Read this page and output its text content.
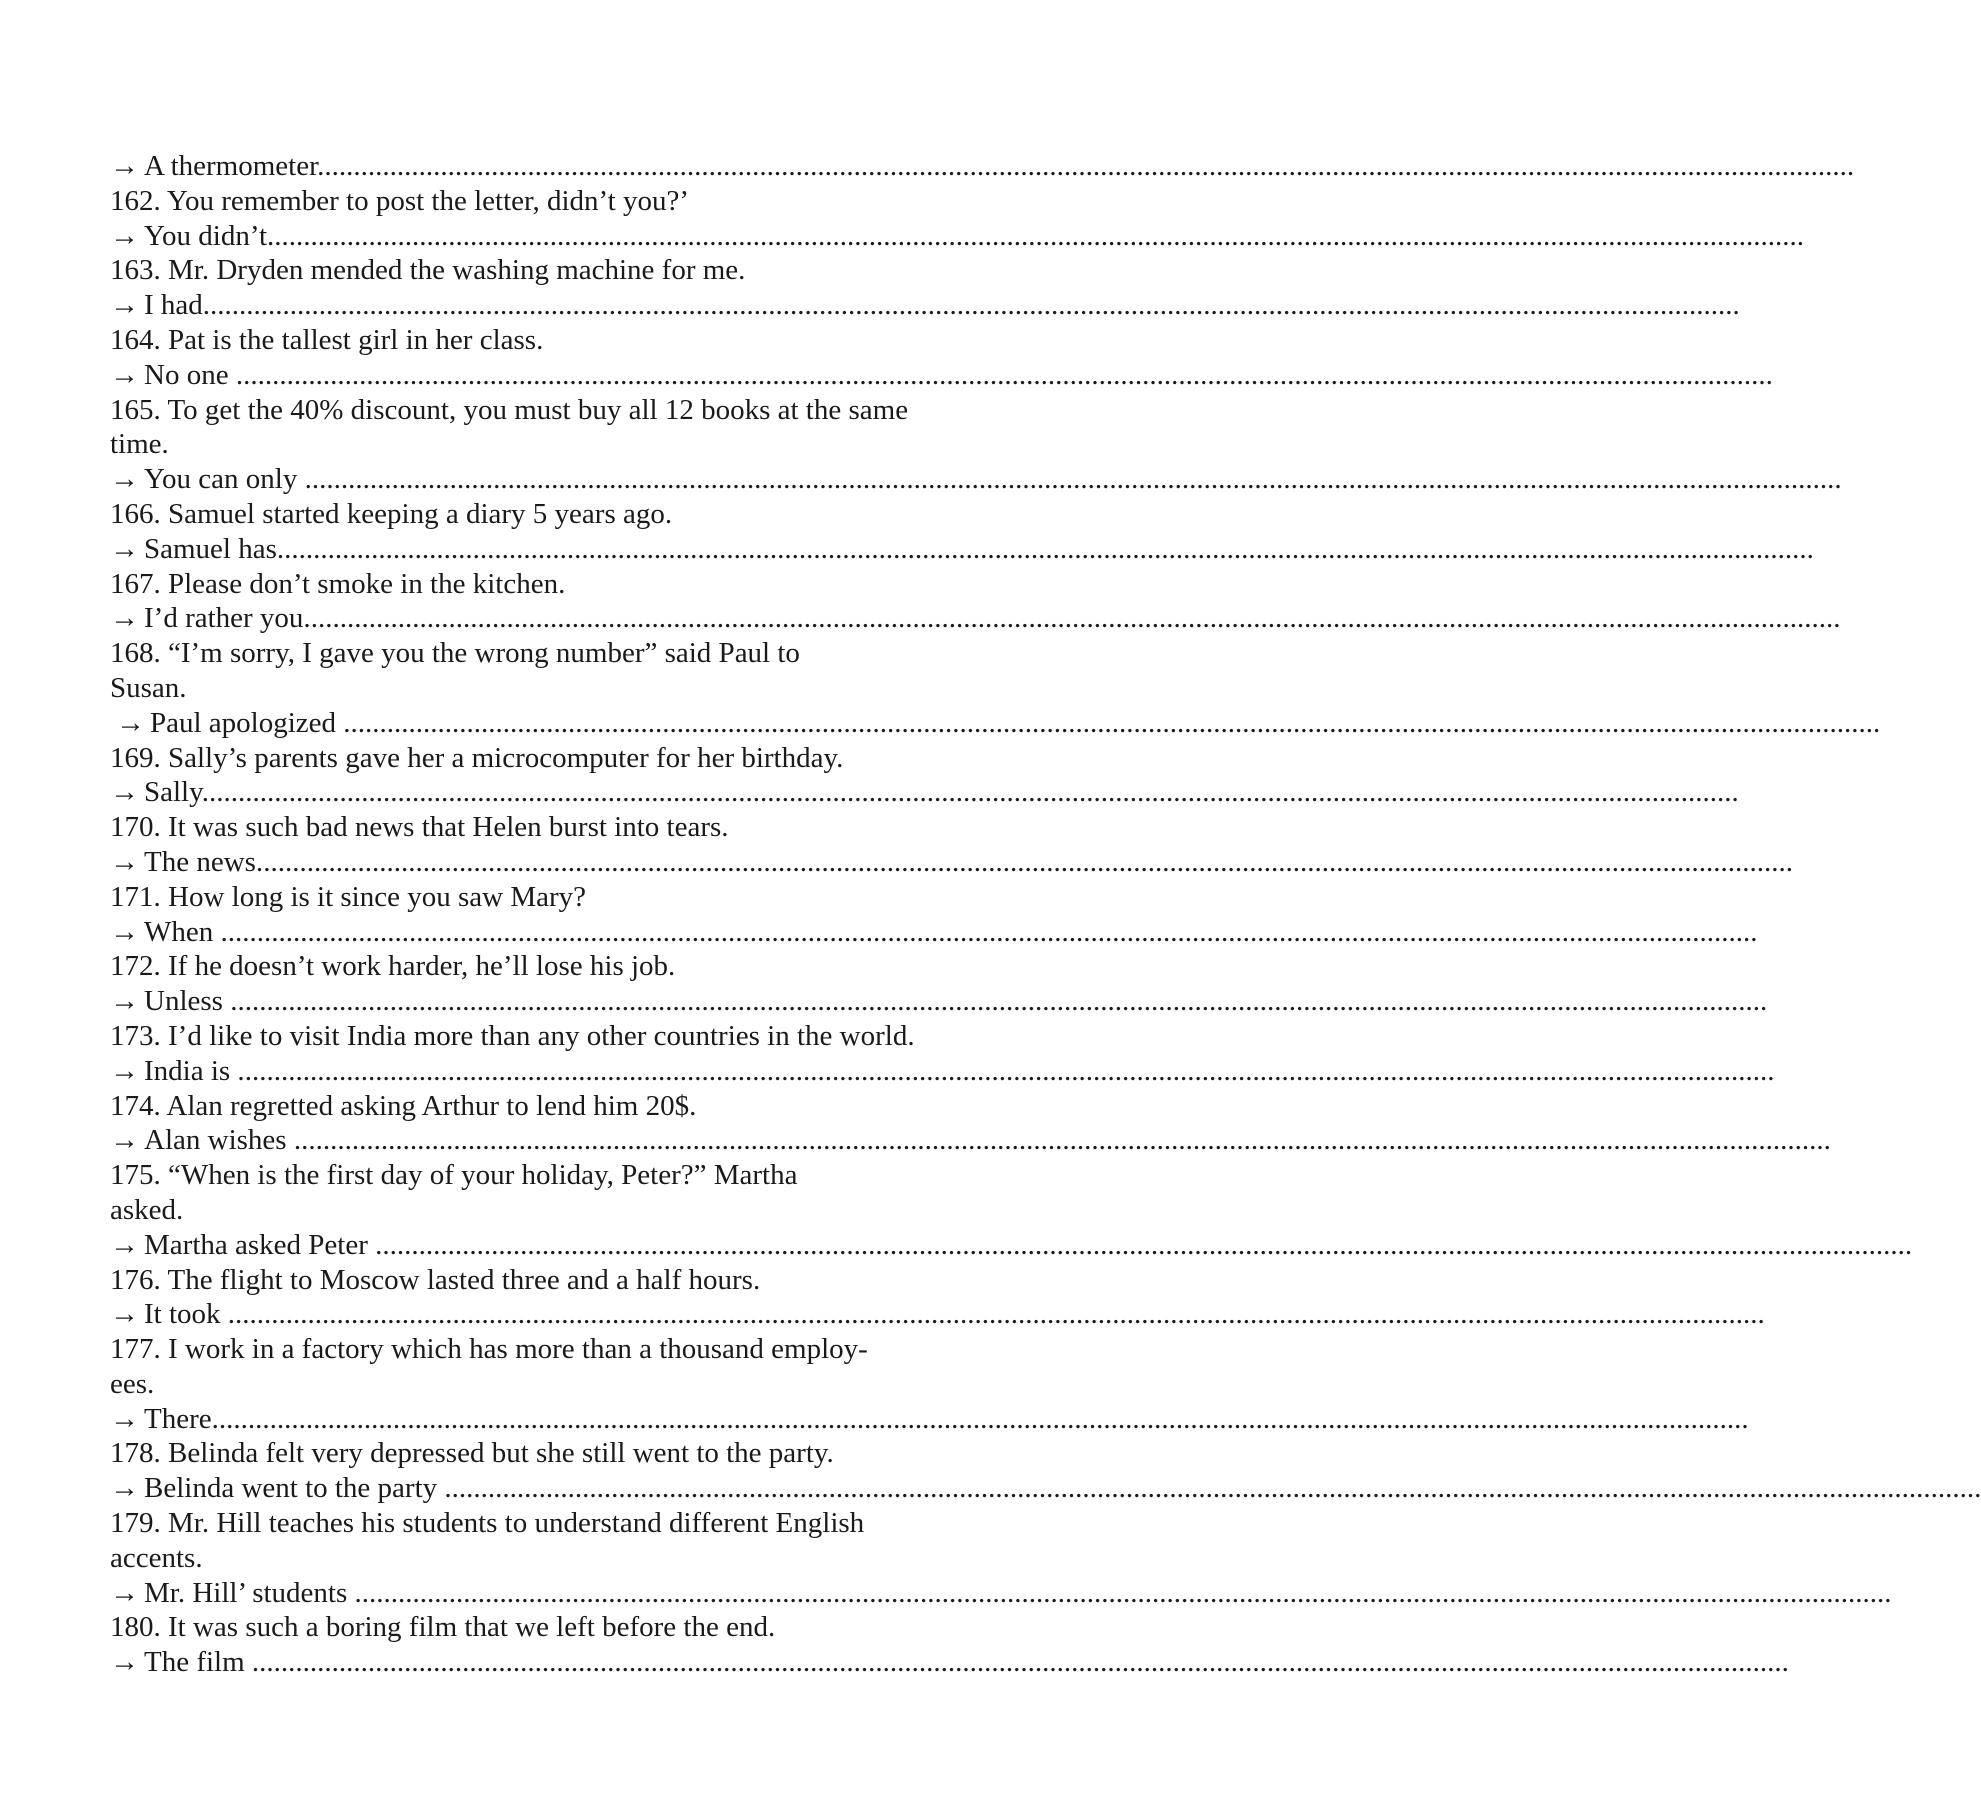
→ A thermometer....................................................................................................................................................................................................................
162. You remember to post the letter, didn’t you?’
→ You didn’t....................................................................................................................................................................................................................
163. Mr. Dryden mended the washing machine for me.
→ I had....................................................................................................................................................................................................................
164. Pat is the tallest girl in her class.
→ No one ....................................................................................................................................................................................................................
165. To get the 40% discount, you must buy all 12 books at the same time.
→ You can only ....................................................................................................................................................................................................................
166. Samuel started keeping a diary 5 years ago.
→ Samuel has....................................................................................................................................................................................................................
167. Please don’t smoke in the kitchen.
→ I’d rather you....................................................................................................................................................................................................................
168. “I’m sorry, I gave you the wrong number” said Paul to Susan.
→ Paul apologized ....................................................................................................................................................................................................................
169. Sally’s parents gave her a microcomputer for her birthday.
→ Sally....................................................................................................................................................................................................................
170. It was such bad news that Helen burst into tears.
→ The news....................................................................................................................................................................................................................
171. How long is it since you saw Mary?
→ When ....................................................................................................................................................................................................................
172. If he doesn’t work harder, he’ll lose his job.
→ Unless ....................................................................................................................................................................................................................
173. I’d like to visit India more than any other countries in the world.
→ India is ....................................................................................................................................................................................................................
174. Alan regretted asking Arthur to lend him 20$.
→ Alan wishes ....................................................................................................................................................................................................................
175. “When is the first day of your holiday, Peter?” Martha asked.
→ Martha asked Peter ....................................................................................................................................................................................................................
176. The flight to Moscow lasted three and a half hours.
→ It took ....................................................................................................................................................................................................................
177. I work in a factory which has more than a thousand employ- ees.
→ There....................................................................................................................................................................................................................
178. Belinda felt very depressed but she still went to the party.
→ Belinda went to the party ....................................................................................................................................................................................................................
179. Mr. Hill teaches his students to understand different English accents.
→ Mr. Hill’ students ....................................................................................................................................................................................................................
180. It was such a boring film that we left before the end.
→ The film ....................................................................................................................................................................................................................
